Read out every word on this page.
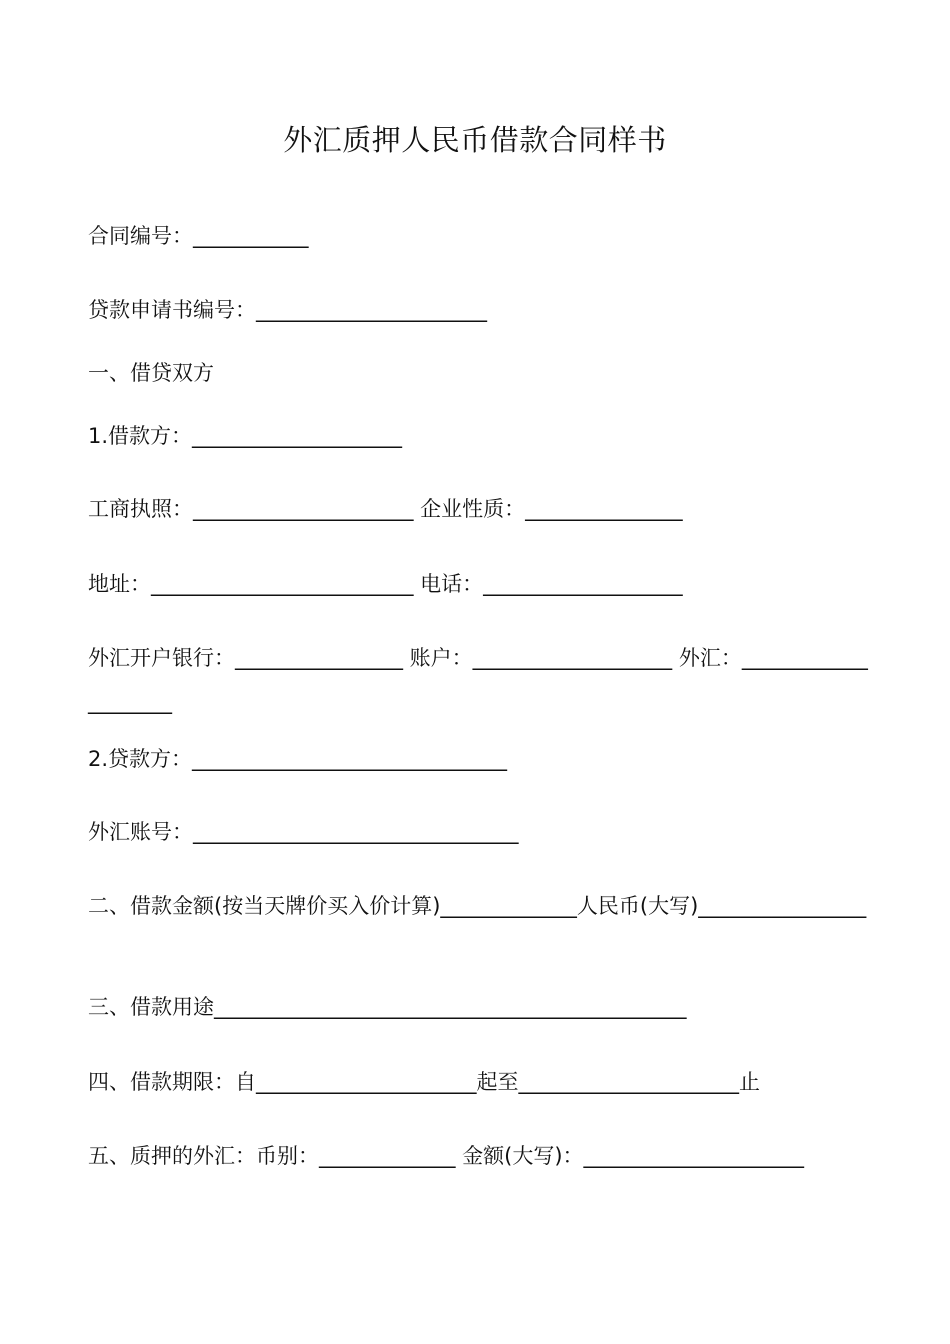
外汇质押人民币借款合同样书
合同编号：___________
贷款申请书编号：______________________
一、借贷双方
1.借款方：____________________
工商执照：_____________________ 企业性质：_______________
地址：_________________________ 电话：___________________
外汇开户银行：________________ 账户：___________________ 外汇：____________________
2.贷款方：______________________________
外汇账号：_______________________________
二、借款金额(按当天牌价买入价计算)_____________人民币(大写)________________
三、借款用途_____________________________________________
四、借款期限：自_____________________起至_____________________止
五、质押的外汇：币别：_____________ 金额(大写)：_____________________
